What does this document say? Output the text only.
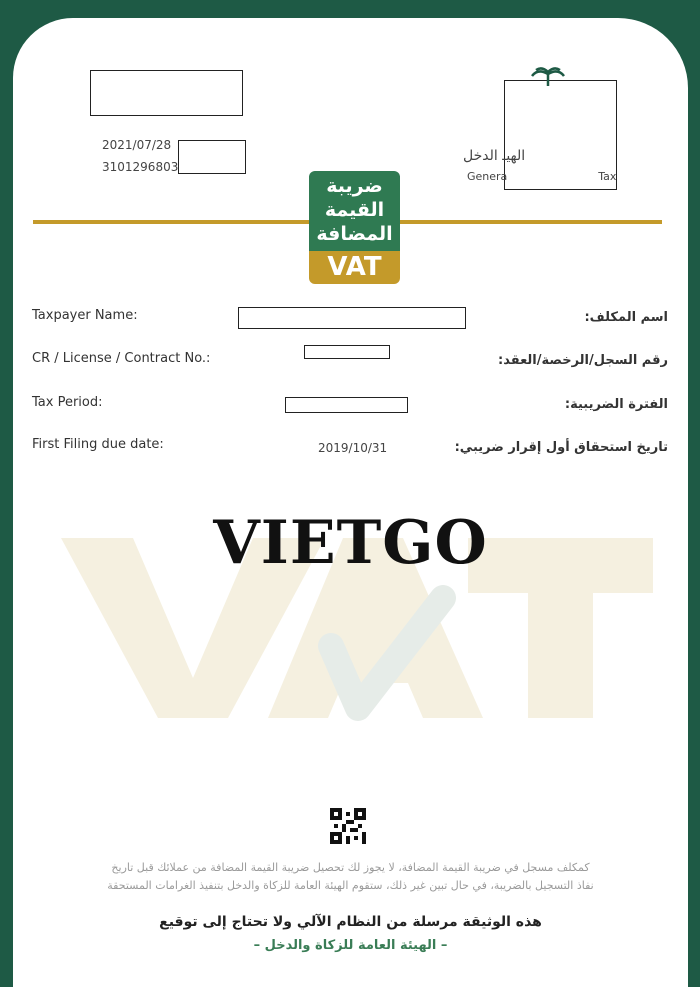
2021/07/28
3101296803
الهيـ الدخل
Genera                          Tax
ضريبة
القيمة
المضافة
VAT
Taxpayer Name:	اسم المكلف:
CR / License / Contract No.:	رقم السجل/الرخصة/العقد:
Tax Period:	الفترة الضريبية:
First Filing due date:	2019/10/31	تاريخ استحقاق أول إقرار ضريبي:
VIETGO
كمكلف مسجل في ضريبة القيمة المضافة، لا يجوز لك تحصيل ضريبة القيمة المضافة من عملائك قبل تاريخ
نفاذ التسجيل بالضريبة، في حال تبين غير ذلك، ستقوم الهيئة العامة للزكاة والدخل بتنفيذ الغرامات المستحقة
هذه الوثيقة مرسلة من النظام الآلي ولا تحتاج إلى توقيع
– الهيئة العامة للزكاة والدخل –
